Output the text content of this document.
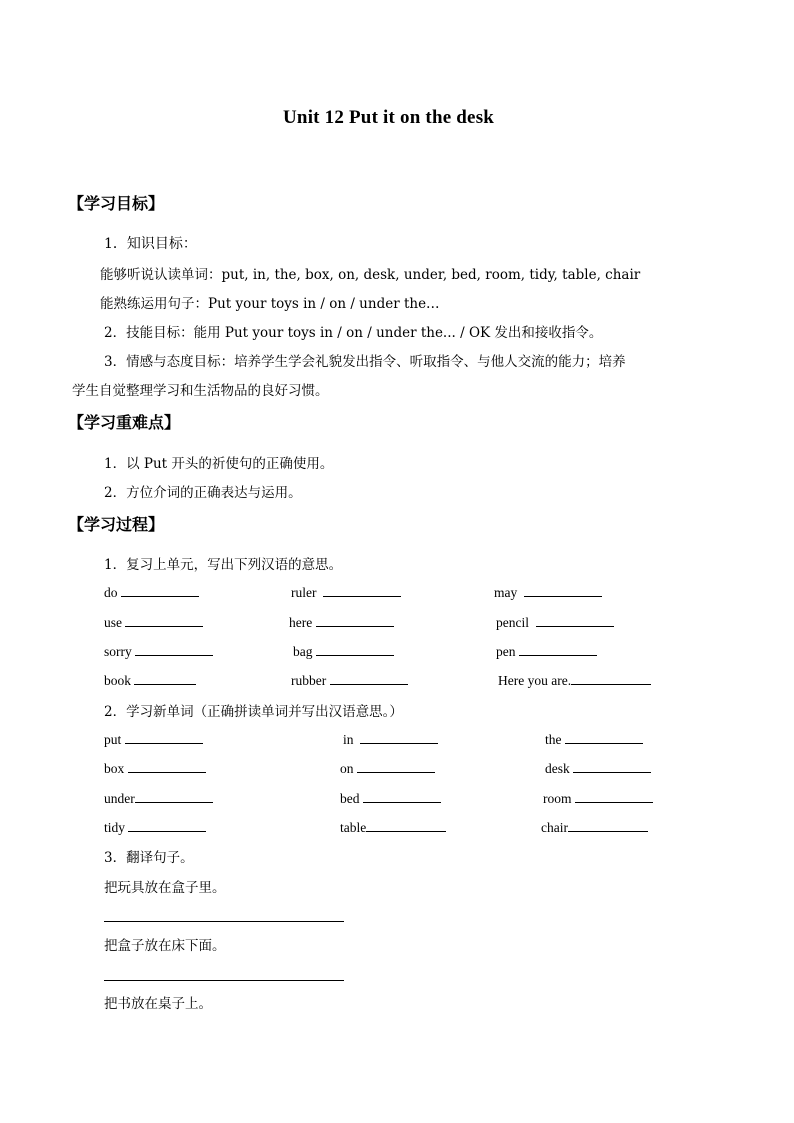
Unit 12 Put it on the desk
【学习目标】
1．知识目标：
能够听说认读单词：put, in, the, box, on, desk, under, bed, room, tidy, table, chair
能熟练运用句子：Put your toys in / on / under the…
2．技能目标：能用 Put your toys in / on / under the... / OK 发出和接收指令。
3．情感与态度目标：培养学生学会礼貌发出指令、听取指令、与他人交流的能力；培养
学生自觉整理学习和生活物品的良好习惯。
【学习重难点】
1．以 Put 开头的祈使句的正确使用。
2．方位介词的正确表达与运用。
【学习过程】
1．复习上单元，写出下列汉语的意思。
do	ruler	may
use	here	pencil
sorry	bag	pen
book	rubber	Here you are.
2．学习新单词（正确拼读单词并写出汉语意思。）
put	in	the
box	on	desk
under	bed	room
tidy	table	chair
3．翻译句子。
把玩具放在盒子里。
把盒子放在床下面。
把书放在桌子上。
